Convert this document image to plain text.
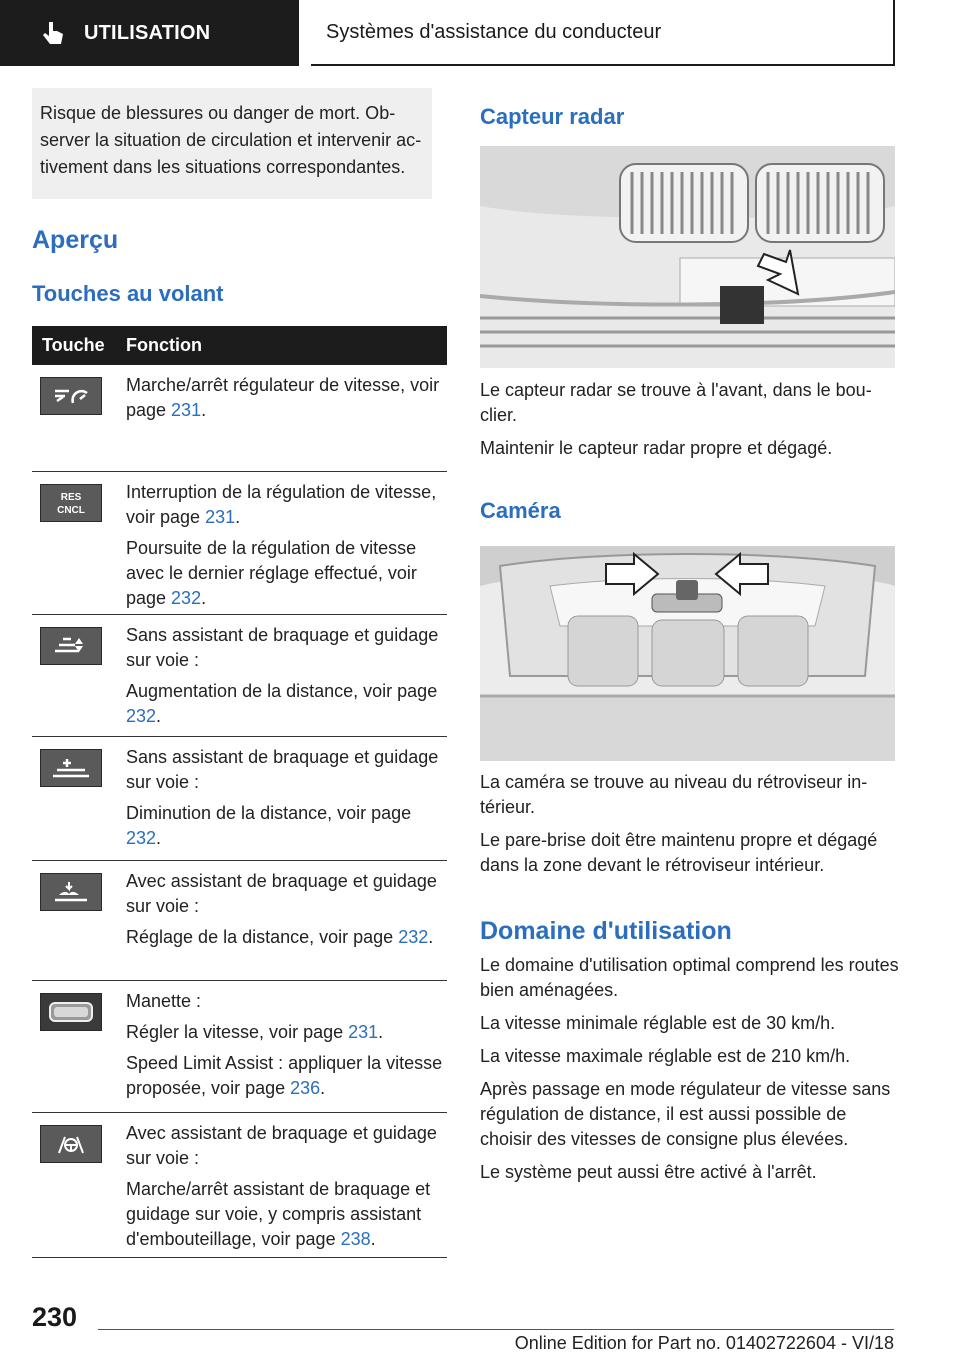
UTILISATION	Systèmes d'assistance du conducteur
Risque de blessures ou danger de mort. Observer la situation de circulation et intervenir activement dans les situations correspondantes.
Aperçu
Touches au volant
Touche	Fonction

Marche/arrêt régulateur de vitesse, voir page 231.

RES
CNCL

Interruption de la régulation de vitesse, voir page 231.

Poursuite de la régulation de vitesse avec le dernier réglage effectué, voir page 232.

Sans assistant de braquage et guidage sur voie :

Augmentation de la distance, voir page 232.

Sans assistant de braquage et guidage sur voie :

Diminution de la distance, voir page 232.

Avec assistant de braquage et guidage sur voie :

Réglage de la distance, voir page 232.

Manette :

Régler la vitesse, voir page 231.

Speed Limit Assist : appliquer la vitesse proposée, voir page 236.

Avec assistant de braquage et guidage sur voie :

Marche/arrêt assistant de braquage et guidage sur voie, y compris assistant d'embouteillage, voir page 238.

Capteur radar

Le capteur radar se trouve à l'avant, dans le bouclier.

Maintenir le capteur radar propre et dégagé.

Caméra

La caméra se trouve au niveau du rétroviseur intérieur.

Le pare-brise doit être maintenu propre et dégagé dans la zone devant le rétroviseur intérieur.

Domaine d'utilisation

Le domaine d'utilisation optimal comprend les routes bien aménagées.

La vitesse minimale réglable est de 30 km/h.

La vitesse maximale réglable est de 210 km/h.

Après passage en mode régulateur de vitesse sans régulation de distance, il est aussi possible de choisir des vitesses de consigne plus élevées.

Le système peut aussi être activé à l'arrêt.

230
Online Edition for Part no. 01402722604 - VI/18
